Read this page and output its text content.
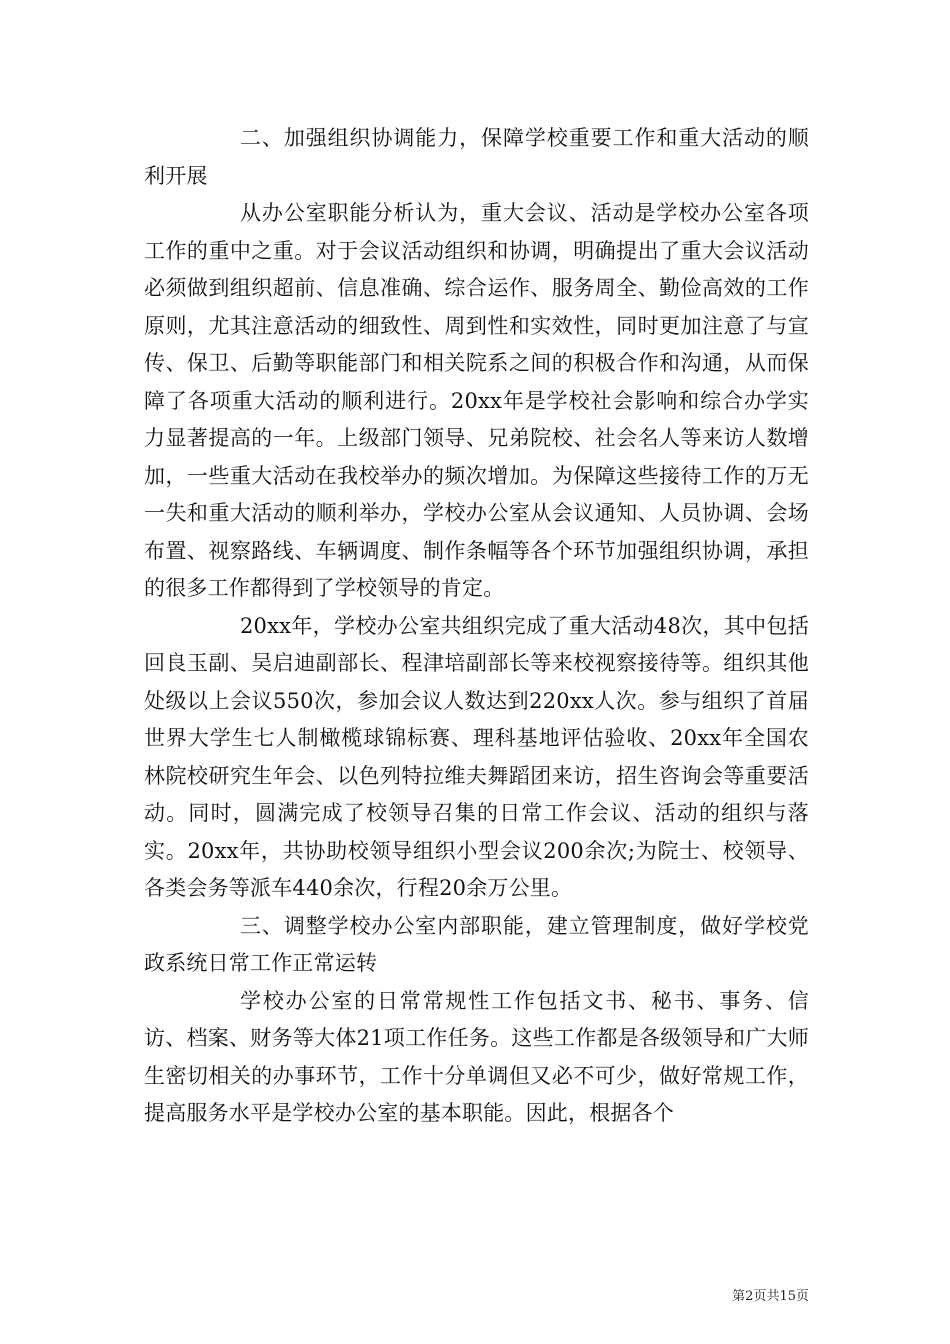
二、加强组织协调能力，保障学校重要工作和重大活动的顺利开展

从办公室职能分析认为，重大会议、活动是学校办公室各项工作的重中之重。对于会议活动组织和协调，明确提出了重大会议活动必须做到组织超前、信息准确、综合运作、服务周全、勤俭高效的工作原则，尤其注意活动的细致性、周到性和实效性，同时更加注意了与宣传、保卫、后勤等职能部门和相关院系之间的积极合作和沟通，从而保障了各项重大活动的顺利进行。20xx年是学校社会影响和综合办学实力显著提高的一年。上级部门领导、兄弟院校、社会名人等来访人数增加，一些重大活动在我校举办的频次增加。为保障这些接待工作的万无一失和重大活动的顺利举办，学校办公室从会议通知、人员协调、会场布置、视察路线、车辆调度、制作条幅等各个环节加强组织协调，承担的很多工作都得到了学校领导的肯定。

20xx年，学校办公室共组织完成了重大活动48次，其中包括回良玉副、吴启迪副部长、程津培副部长等来校视察接待等。组织其他处级以上会议550次，参加会议人数达到220xx人次。参与组织了首届世界大学生七人制橄榄球锦标赛、理科基地评估验收、20xx年全国农林院校研究生年会、以色列特拉维夫舞蹈团来访，招生咨询会等重要活动。同时，圆满完成了校领导召集的日常工作会议、活动的组织与落实。20xx年，共协助校领导组织小型会议200余次;为院士、校领导、各类会务等派车440余次，行程20余万公里。

三、调整学校办公室内部职能，建立管理制度，做好学校党政系统日常工作正常运转

学校办公室的日常常规性工作包括文书、秘书、事务、信访、档案、财务等大体21项工作任务。这些工作都是各级领导和广大师生密切相关的办事环节，工作十分单调但又必不可少，做好常规工作，提高服务水平是学校办公室的基本职能。因此，根据各个

第2页共15页
